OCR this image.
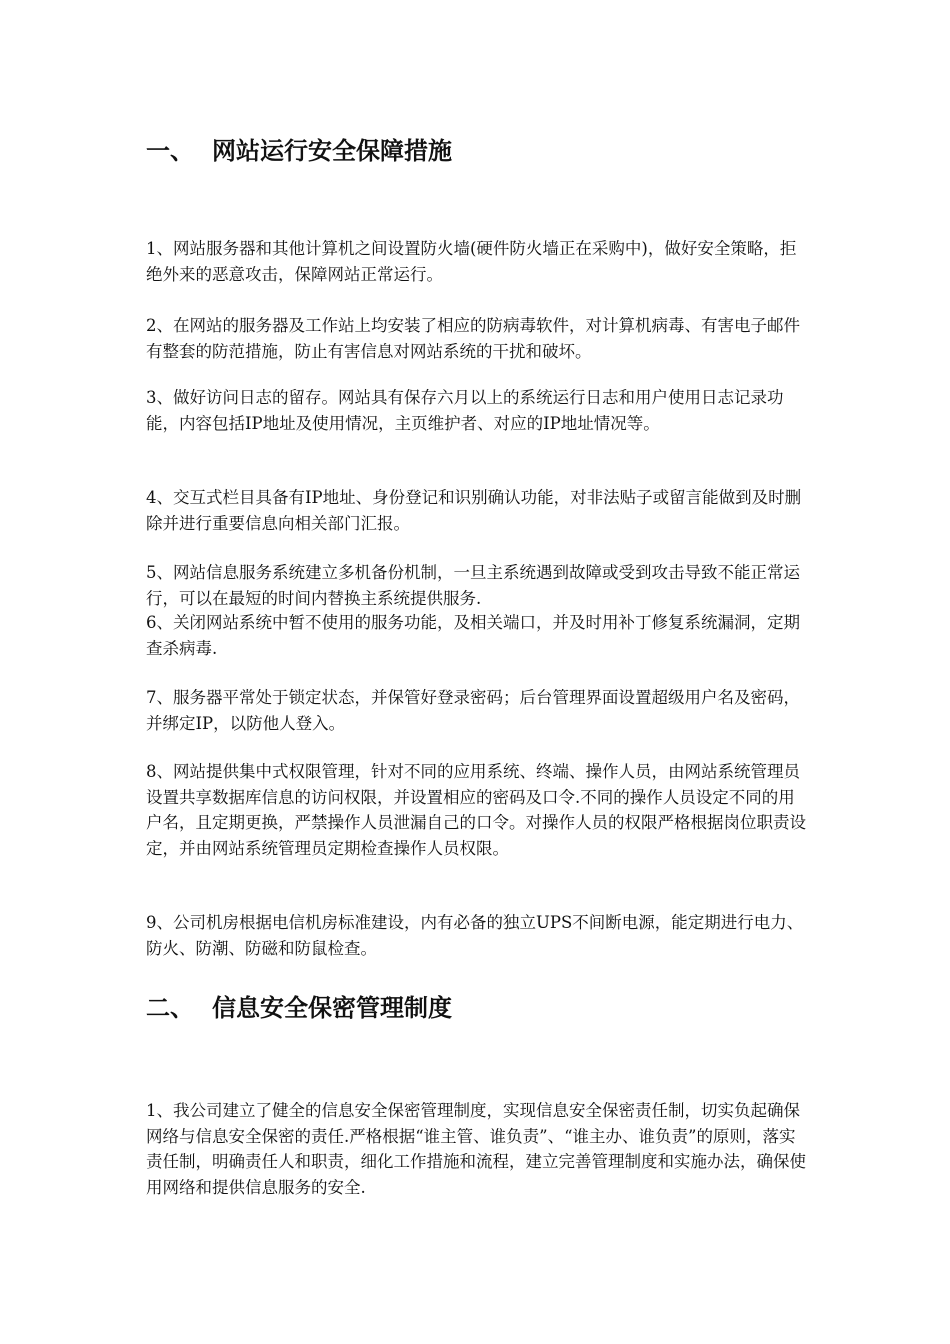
一、 网站运行安全保障措施

1、网站服务器和其他计算机之间设置防火墙(硬件防火墙正在采购中)，做好安全策略，拒绝外来的恶意攻击，保障网站正常运行。

2、在网站的服务器及工作站上均安装了相应的防病毒软件，对计算机病毒、有害电子邮件有整套的防范措施，防止有害信息对网站系统的干扰和破坏。

3、做好访问日志的留存。网站具有保存六月以上的系统运行日志和用户使用日志记录功能，内容包括IP地址及使用情况，主页维护者、对应的IP地址情况等。

4、交互式栏目具备有IP地址、身份登记和识别确认功能，对非法贴子或留言能做到及时删除并进行重要信息向相关部门汇报。

5、网站信息服务系统建立多机备份机制，一旦主系统遇到故障或受到攻击导致不能正常运行，可以在最短的时间内替换主系统提供服务.

6、关闭网站系统中暂不使用的服务功能，及相关端口，并及时用补丁修复系统漏洞，定期查杀病毒.

7、服务器平常处于锁定状态，并保管好登录密码；后台管理界面设置超级用户名及密码，并绑定IP，以防他人登入。

8、网站提供集中式权限管理，针对不同的应用系统、终端、操作人员，由网站系统管理员设置共享数据库信息的访问权限，并设置相应的密码及口令.不同的操作人员设定不同的用户名，且定期更换，严禁操作人员泄漏自己的口令。对操作人员的权限严格根据岗位职责设定，并由网站系统管理员定期检查操作人员权限。

9、公司机房根据电信机房标准建设，内有必备的独立UPS不间断电源，能定期进行电力、防火、防潮、防磁和防鼠检查。

二、 信息安全保密管理制度

1、我公司建立了健全的信息安全保密管理制度，实现信息安全保密责任制，切实负起确保网络与信息安全保密的责任.严格根据“谁主管、谁负责”、“谁主办、谁负责”的原则，落实责任制，明确责任人和职责，细化工作措施和流程，建立完善管理制度和实施办法，确保使用网络和提供信息服务的安全.
